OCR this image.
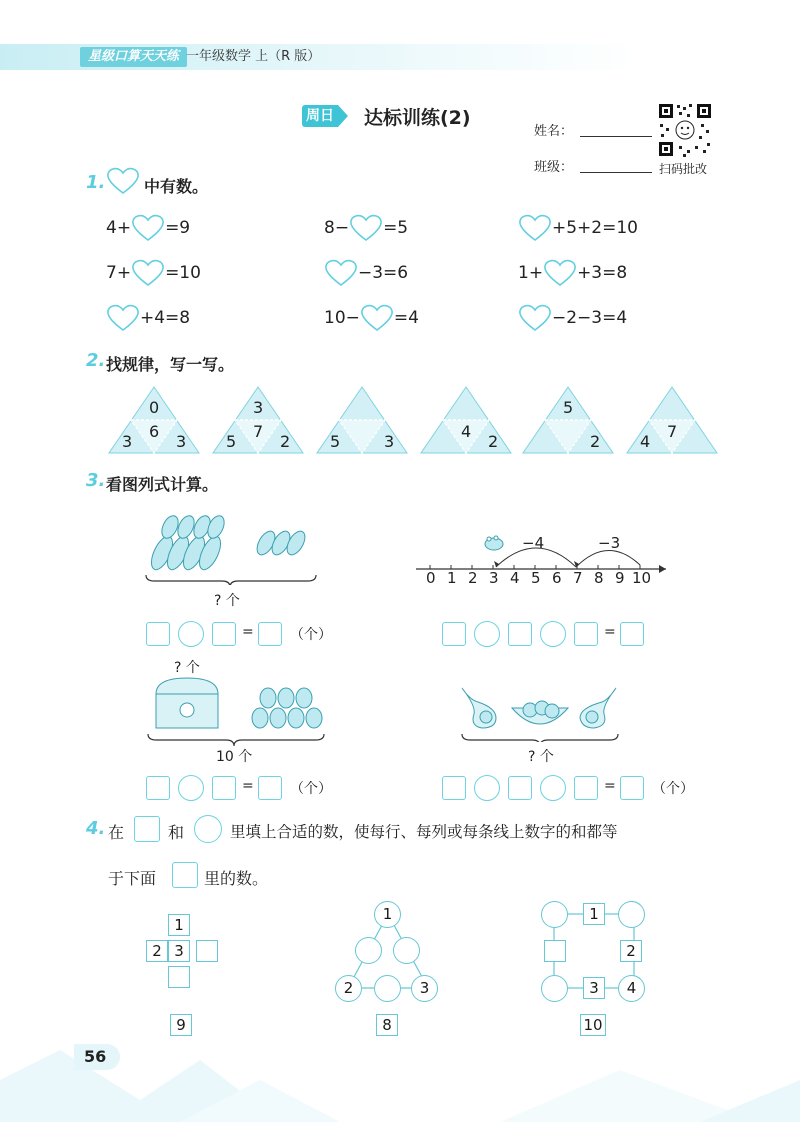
星级口算天天练 一年级数学 上（R 版）
周日 达标训练(2)
姓名：
班级：	扫码批改
1. 中有数。
4+ =9	8− =5	+5+2=10
7+ =10	−3=6	1+ +3=8
+4=8	10− =4	−2−3=4
2. 找规律，写一写。
0
6
3	3
3
7
5	2 5	3
4
2
5
2
7
4
3. 看图列式计算。
? 个
=	（个）
−4	−3
0 1 2 3 4 5 6 7 8 9 10
=
? 个
10 个
=	（个）
? 个
=	（个）
4. 在	和	里填上合适的数，使每行、每列或每条线上数字的和都等
于下面	里的数。
1
2 3
9
1
2	3
8
1
2
3	4
10
56
